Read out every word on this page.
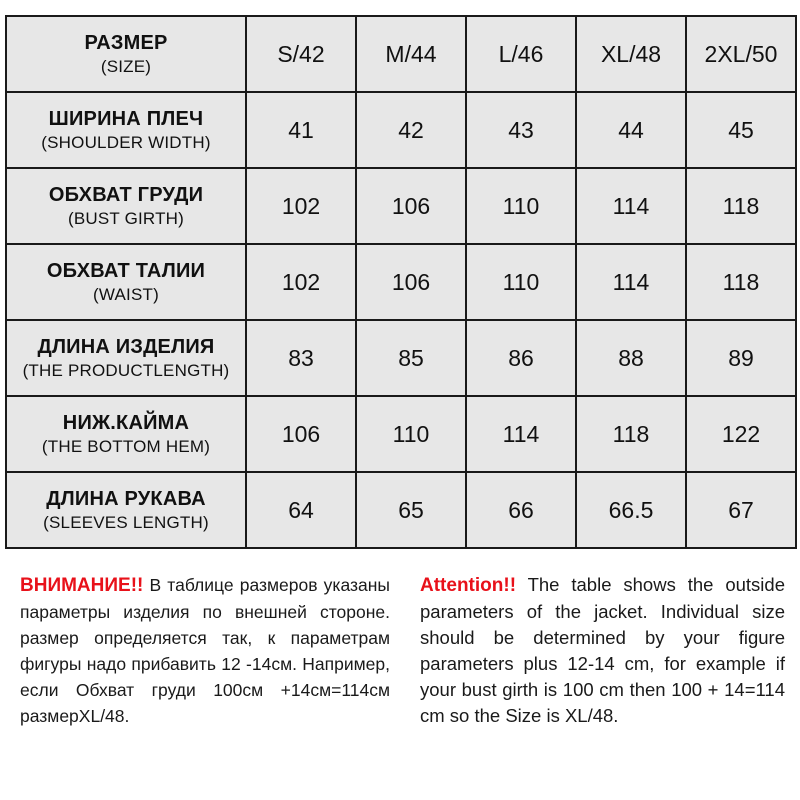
РАЗМЕР
(SIZE)	S/42	M/44	L/46	XL/48	2XL/50

ШИРИНА ПЛЕЧ
(SHOULDER WIDTH)	41	42	43	44	45

ОБХВАТ ГРУДИ
(BUST GIRTH)	102	106	110	114	118

ОБХВАТ ТАЛИИ
(WAIST)	102	106	110	114	118

ДЛИНА ИЗДЕЛИЯ
(THE PRODUCTLENGTH)	83	85	86	88	89

НИЖ.КАЙМА
(THE BOTTOM HEM)	106	110	114	118	122

ДЛИНА РУКАВА
(SLEEVES LENGTH)	64	65	66	66.5	67

ВНИМАНИЕ!! В таблице размеров указаны параметры изделия по внешней стороне. размер определяется так, к параметрам фигуры надо прибавить 12 -14см. Например, если Обхват груди 100см +14см=114см размерXL/48.

Attention!! The table shows the outside parameters of the jacket. Individual size should be determined by your figure parameters plus 12-14 cm, for example if your bust girth is 100 cm then 100 + 14=114 cm so the Size is XL/48.
